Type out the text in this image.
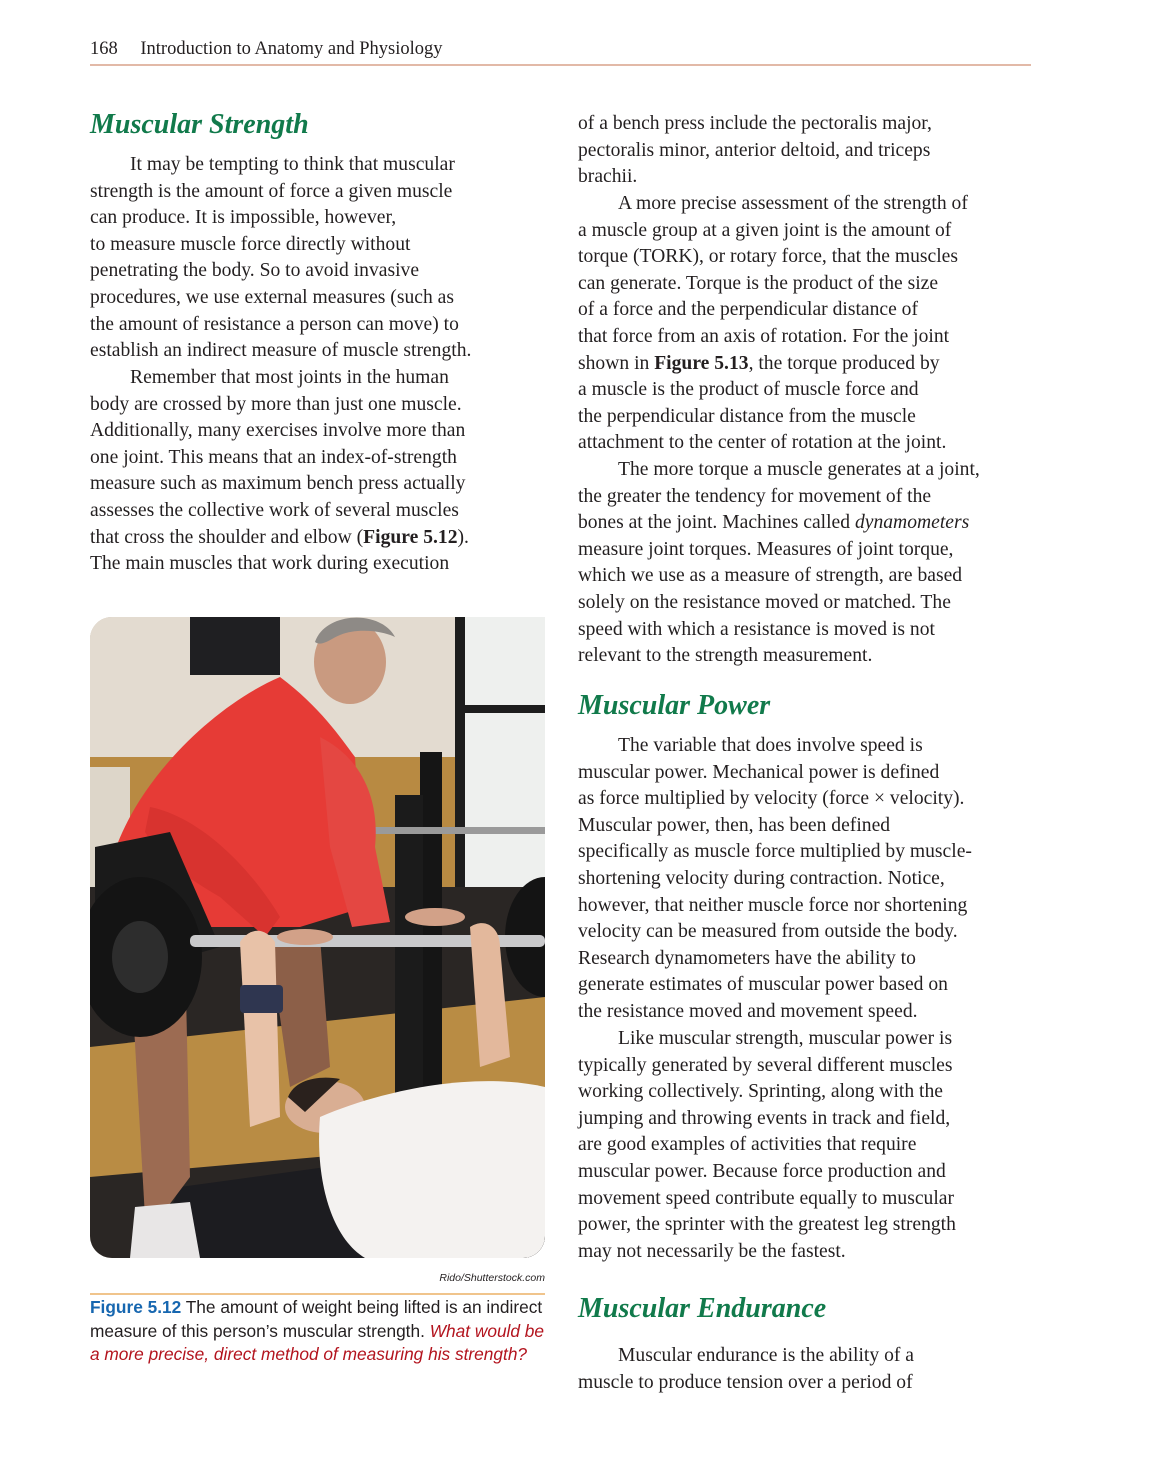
168 Introduction to Anatomy and Physiology
Muscular Strength

It may be tempting to think that muscular
strength is the amount of force a given muscle
can produce. It is impossible, however,
to measure muscle force directly without
penetrating the body. So to avoid invasive
procedures, we use external measures (such as
the amount of resistance a person can move) to
establish an indirect measure of muscle strength.

Remember that most joints in the human
body are crossed by more than just one muscle.
Additionally, many exercises involve more than
one joint. This means that an index-of-strength
measure such as maximum bench press actually
assesses the collective work of several muscles
that cross the shoulder and elbow (Figure 5.12).
The main muscles that work during execution

Rido/Shutterstock.com
Figure 5.12 The amount of weight being lifted is an indirect measure of this person’s muscular strength. What would be a more precise, direct method of measuring his strength?

of a bench press include the pectoralis major,
pectoralis minor, anterior deltoid, and triceps
brachii.

A more precise assessment of the strength of
a muscle group at a given joint is the amount of
torque (TORK), or rotary force, that the muscles
can generate. Torque is the product of the size
of a force and the perpendicular distance of
that force from an axis of rotation. For the joint
shown in Figure 5.13, the torque produced by
a muscle is the product of muscle force and
the perpendicular distance from the muscle
attachment to the center of rotation at the joint.

The more torque a muscle generates at a joint,
the greater the tendency for movement of the
bones at the joint. Machines called dynamometers
measure joint torques. Measures of joint torque,
which we use as a measure of strength, are based
solely on the resistance moved or matched. The
speed with which a resistance is moved is not
relevant to the strength measurement.

Muscular Power

The variable that does involve speed is
muscular power. Mechanical power is defined
as force multiplied by velocity (force × velocity).
Muscular power, then, has been defined
specifically as muscle force multiplied by muscle-
shortening velocity during contraction. Notice,
however, that neither muscle force nor shortening
velocity can be measured from outside the body.
Research dynamometers have the ability to
generate estimates of muscular power based on
the resistance moved and movement speed.

Like muscular strength, muscular power is
typically generated by several different muscles
working collectively. Sprinting, along with the
jumping and throwing events in track and field,
are good examples of activities that require
muscular power. Because force production and
movement speed contribute equally to muscular
power, the sprinter with the greatest leg strength
may not necessarily be the fastest.

Muscular Endurance

Muscular endurance is the ability of a
muscle to produce tension over a period of
